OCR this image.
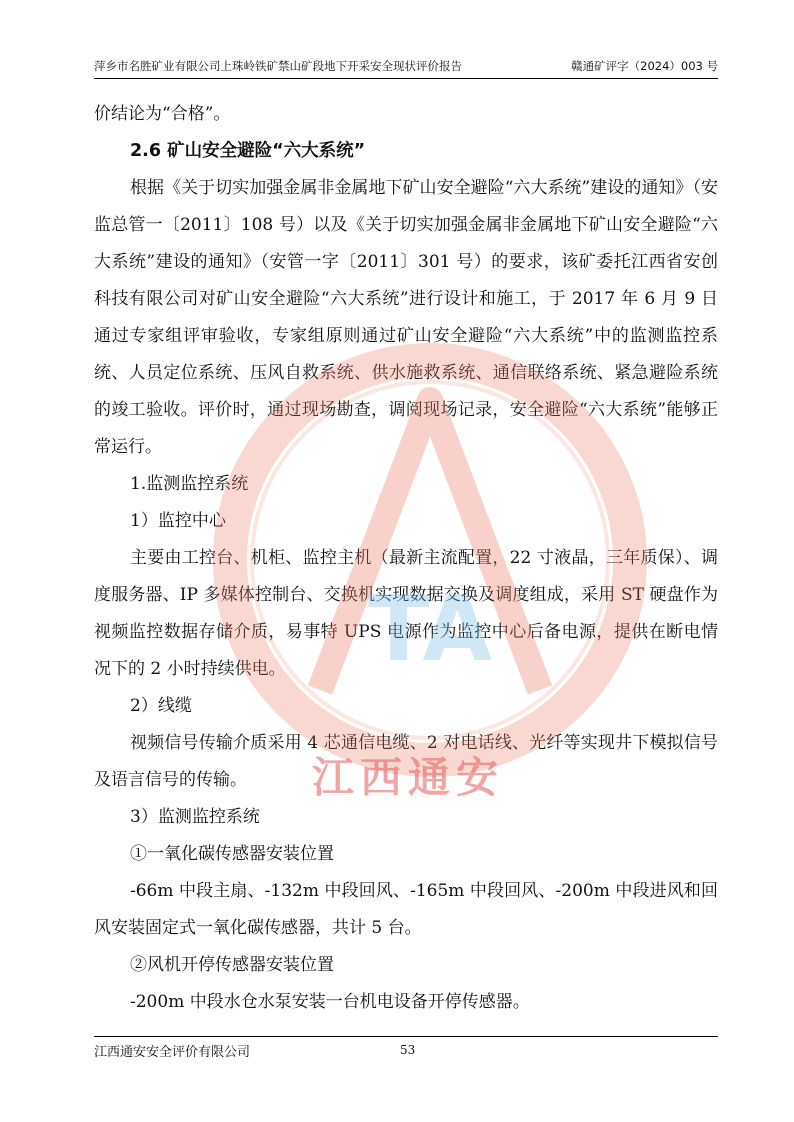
萍乡市名胜矿业有限公司上珠岭铁矿禁山矿段地下开采安全现状评价报告	赣通矿评字（2024）003 号

价结论为“合格”。

2.6 矿山安全避险“六大系统”

根据《关于切实加强金属非金属地下矿山安全避险“六大系统”建设的通知》（安监总管一〔2011〕108 号）以及《关于切实加强金属非金属地下矿山安全避险“六大系统”建设的通知》（安管一字〔2011〕301 号）的要求，该矿委托江西省安创科技有限公司对矿山安全避险“六大系统”进行设计和施工，于 2017 年 6 月 9 日通过专家组评审验收，专家组原则通过矿山安全避险“六大系统”中的监测监控系统、人员定位系统、压风自救系统、供水施救系统、通信联络系统、紧急避险系统的竣工验收。评价时，通过现场勘查，调阅现场记录，安全避险“六大系统”能够正常运行。

1.监测监控系统

1）监控中心

主要由工控台、机柜、监控主机（最新主流配置，22 寸液晶，三年质保）、调度服务器、IP 多媒体控制台、交换机实现数据交换及调度组成，采用 ST 硬盘作为视频监控数据存储介质，易事特 UPS 电源作为监控中心后备电源，提供在断电情况下的 2 小时持续供电。

2）线缆

视频信号传输介质采用 4 芯通信电缆、2 对电话线、光纤等实现井下模拟信号及语言信号的传输。

3）监测监控系统

①一氧化碳传感器安装位置

-66m 中段主扇、-132m 中段回风、-165m 中段回风、-200m 中段进风和回风安装固定式一氧化碳传感器，共计 5 台。

②风机开停传感器安装位置

-200m 中段水仓水泵安装一台机电设备开停传感器。

TA
江西通安
江西通安安全评价有限公司	53
